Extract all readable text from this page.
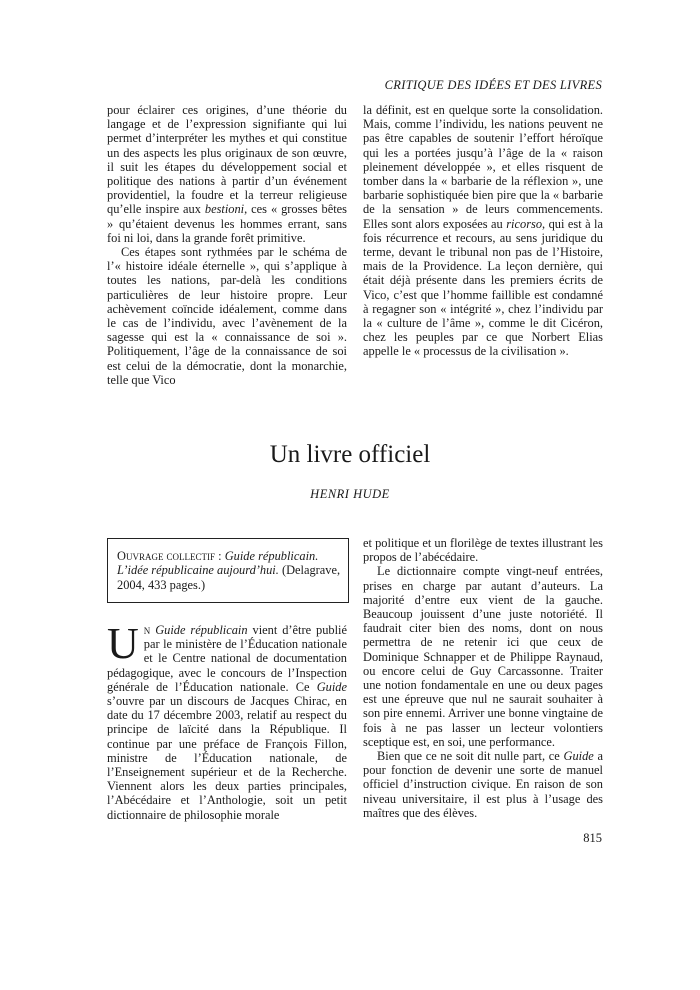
CRITIQUE DES IDÉES ET DES LIVRES

pour éclairer ces origines, d’une théorie du langage et de l’expression signifiante qui lui permet d’interpréter les mythes et qui constitue un des aspects les plus originaux de son œuvre, il suit les étapes du développement social et politique des nations à partir d’un événement providentiel, la foudre et la terreur religieuse qu’elle inspire aux bestioni, ces « grosses bêtes » qu’étaient devenus les hommes errant, sans foi ni loi, dans la grande forêt primitive.

Ces étapes sont rythmées par le schéma de l’« histoire idéale éternelle », qui s’applique à toutes les nations, par-delà les conditions particulières de leur histoire propre. Leur achèvement coïncide idéalement, comme dans le cas de l’individu, avec l’avènement de la sagesse qui est la « connaissance de soi ». Politiquement, l’âge de la connaissance de soi est celui de la démocratie, dont la monarchie, telle que Vico

la définit, est en quelque sorte la consolidation. Mais, comme l’individu, les nations peuvent ne pas être capables de soutenir l’effort héroïque qui les a portées jusqu’à l’âge de la « raison pleinement développée », et elles risquent de tomber dans la « barbarie de la réflexion », une barbarie sophistiquée bien pire que la « barbarie de la sensation » de leurs commencements. Elles sont alors exposées au ricorso, qui est à la fois récurrence et recours, au sens juridique du terme, devant le tribunal non pas de l’Histoire, mais de la Providence. La leçon dernière, qui était déjà présente dans les premiers écrits de Vico, c’est que l’homme faillible est condamné à regagner son « intégrité », chez l’individu par la « culture de l’âme », comme le dit Cicéron, chez les peuples par ce que Norbert Elias appelle le « processus de la civilisation ».

Un livre officiel
HENRI HUDE
Ouvrage collectif : Guide républicain. L’idée républicaine aujourd’hui. (Delagrave, 2004, 433 pages.)

Un Guide républicain vient d’être publié par le ministère de l’Éducation nationale et le Centre national de documentation pédagogique, avec le concours de l’Inspection générale de l’Éducation nationale. Ce Guide s’ouvre par un discours de Jacques Chirac, en date du 17 décembre 2003, relatif au respect du principe de laïcité dans la République. Il continue par une préface de François Fillon, ministre de l’Éducation nationale, de l’Enseignement supérieur et de la Recherche. Viennent alors les deux parties principales, l’Abécédaire et l’Anthologie, soit un petit dictionnaire de philosophie morale

et politique et un florilège de textes illustrant les propos de l’abécédaire.

Le dictionnaire compte vingt-neuf entrées, prises en charge par autant d’auteurs. La majorité d’entre eux vient de la gauche. Beaucoup jouissent d’une juste notoriété. Il faudrait citer bien des noms, dont on nous permettra de ne retenir ici que ceux de Dominique Schnapper et de Philippe Raynaud, ou encore celui de Guy Carcassonne. Traiter une notion fondamentale en une ou deux pages est une épreuve que nul ne saurait souhaiter à son pire ennemi. Arriver une bonne vingtaine de fois à ne pas lasser un lecteur volontiers sceptique est, en soi, une performance.

Bien que ce ne soit dit nulle part, ce Guide a pour fonction de devenir une sorte de manuel officiel d’instruction civique. En raison de son niveau universitaire, il est plus à l’usage des maîtres que des élèves.

815
